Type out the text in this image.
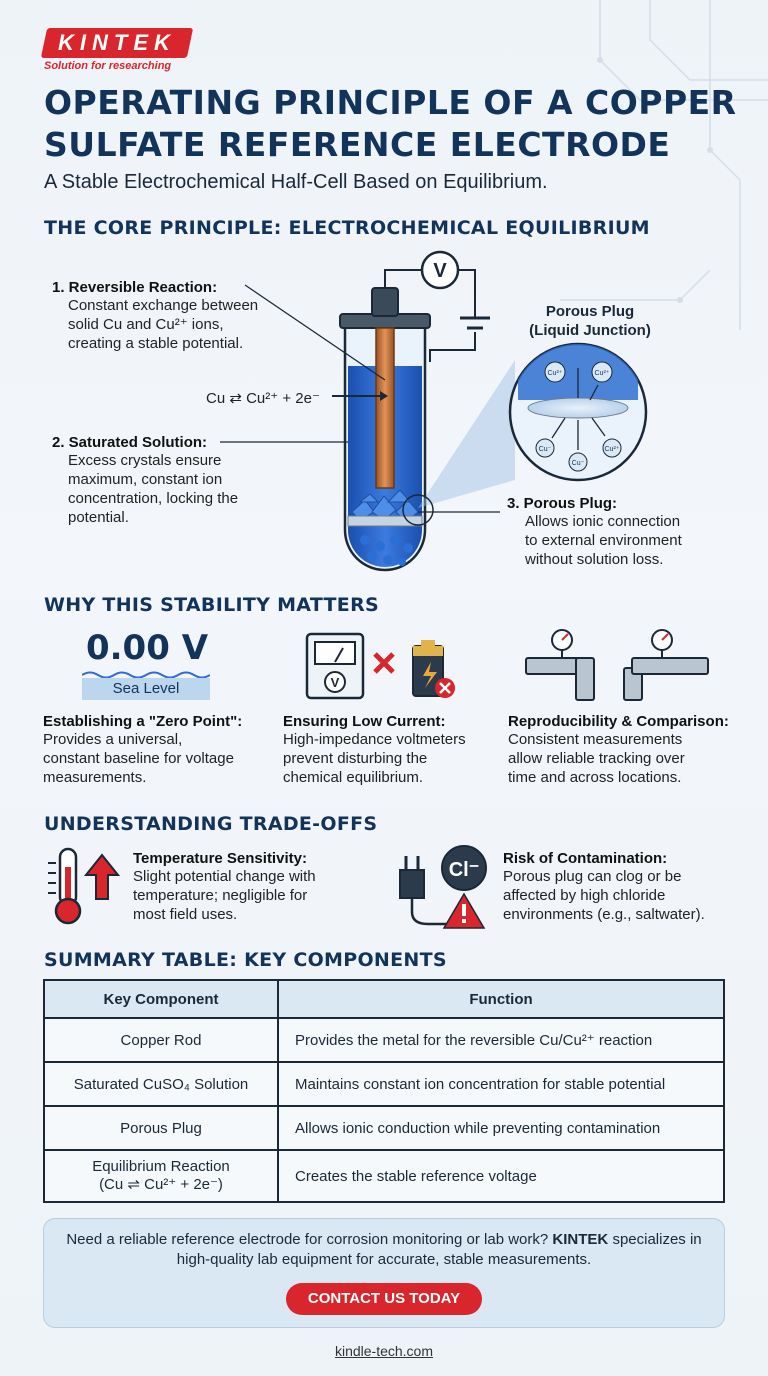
KINTEK
Solution for researching
OPERATING PRINCIPLE OF A COPPER SULFATE REFERENCE ELECTRODE
A Stable Electrochemical Half-Cell Based on Equilibrium.
THE CORE PRINCIPLE: ELECTROCHEMICAL EQUILIBRIUM
1. Reversible Reaction:
Constant exchange between
solid Cu and Cu²⁺ ions,
creating a stable potential.
Cu ⇄ Cu²⁺ + 2e⁻
2. Saturated Solution:
Excess crystals ensure
maximum, constant ion
concentration, locking the
potential.
3. Porous Plug:
Allows ionic connection
to external environment
without solution loss.
Porous Plug
(Liquid Junction)
V
Cu²⁺	Cu²⁺
Cu⁻
Cu⁻
Cu²⁺
WHY THIS STABILITY MATTERS
0.00 V
Sea Level	V
Establishing a "Zero Point":
Provides a universal,
constant baseline for voltage
measurements.
Ensuring Low Current:
High-impedance voltmeters
prevent disturbing the
chemical equilibrium.
Reproducibility & Comparison:
Consistent measurements
allow reliable tracking over
time and across locations.
UNDERSTANDING TRADE-OFFS
Temperature Sensitivity:
Slight potential change with
temperature; negligible for
most field uses.
Cl⁻
Risk of Contamination:
Porous plug can clog or be
affected by high chloride
environments (e.g., saltwater).
SUMMARY TABLE: KEY COMPONENTS
Key Component	Function
Copper Rod	Provides the metal for the reversible Cu/Cu²⁺ reaction
Saturated CuSO₄ Solution	Maintains constant ion concentration for stable potential
Porous Plug	Allows ionic conduction while preventing contamination

Equilibrium Reaction
(Cu ⇌ Cu²⁺ + 2e⁻)	Creates the stable reference voltage
Need a reliable reference electrode for corrosion monitoring or lab work? KINTEK specializes in high-quality lab equipment for accurate, stable measurements.
CONTACT US TODAY
kindle-tech.com
